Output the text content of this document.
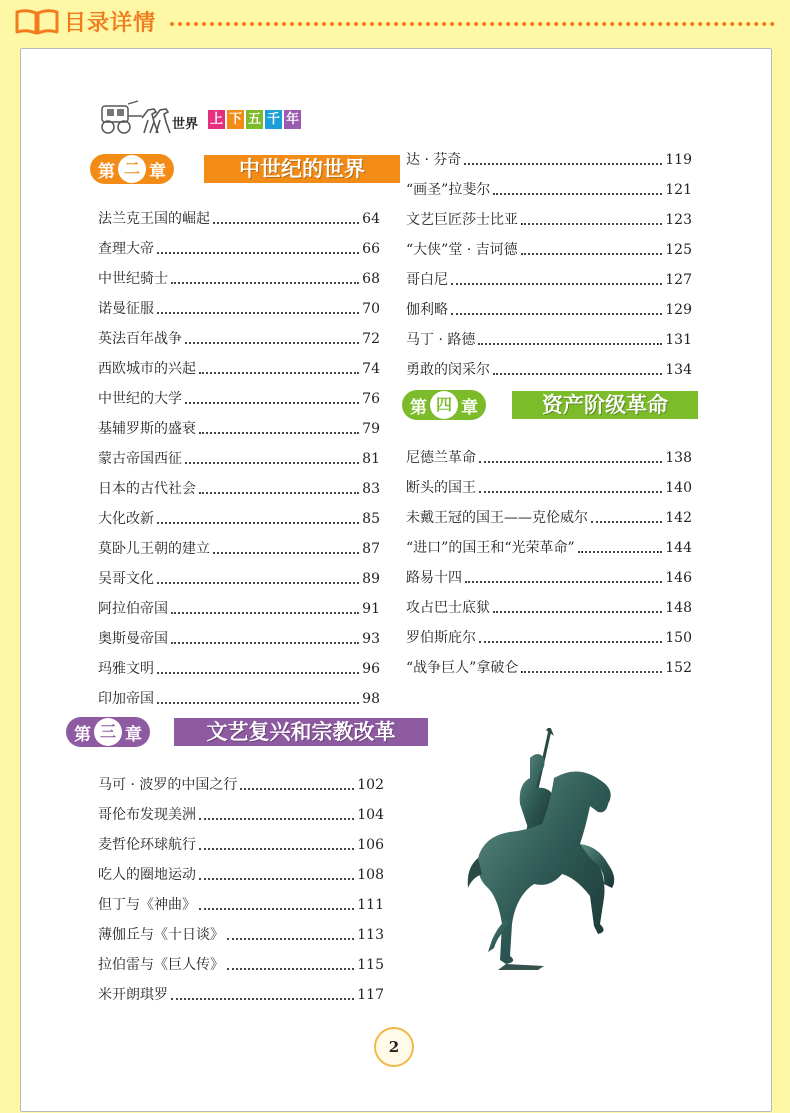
目录详情
世界 上 下 五 千 年
第 二 章	中世纪的世界
第 四 章	资产阶级革命
第 三 章	文艺复兴和宗教改革
法兰克王国的崛起	64
查理大帝	66
中世纪骑士	68
诺曼征服	70
英法百年战争	72
西欧城市的兴起	74
中世纪的大学	76
基辅罗斯的盛衰	79
蒙古帝国西征	81
日本的古代社会	83
大化改新	85
莫卧儿王朝的建立	87
吴哥文化	89
阿拉伯帝国	91
奥斯曼帝国	93
玛雅文明	96
印加帝国	98
马可 · 波罗的中国之行	102
哥伦布发现美洲	104
麦哲伦环球航行	106
吃人的圈地运动	108
但丁与《神曲》	111
薄伽丘与《十日谈》	113
拉伯雷与《巨人传》	115
米开朗琪罗	117
达 · 芬奇	119
“画圣”拉斐尔	121
文艺巨匠莎士比亚	123
“大侠”堂 · 吉诃德	125
哥白尼	127
伽利略	129
马丁 · 路德	131
勇敢的闵采尔	134
尼德兰革命	138
断头的国王	140
未戴王冠的国王——克伦威尔	142
“进口”的国王和“光荣革命”	144
路易十四	146
攻占巴士底狱	148
罗伯斯庇尔	150
“战争巨人”拿破仑	152
2
